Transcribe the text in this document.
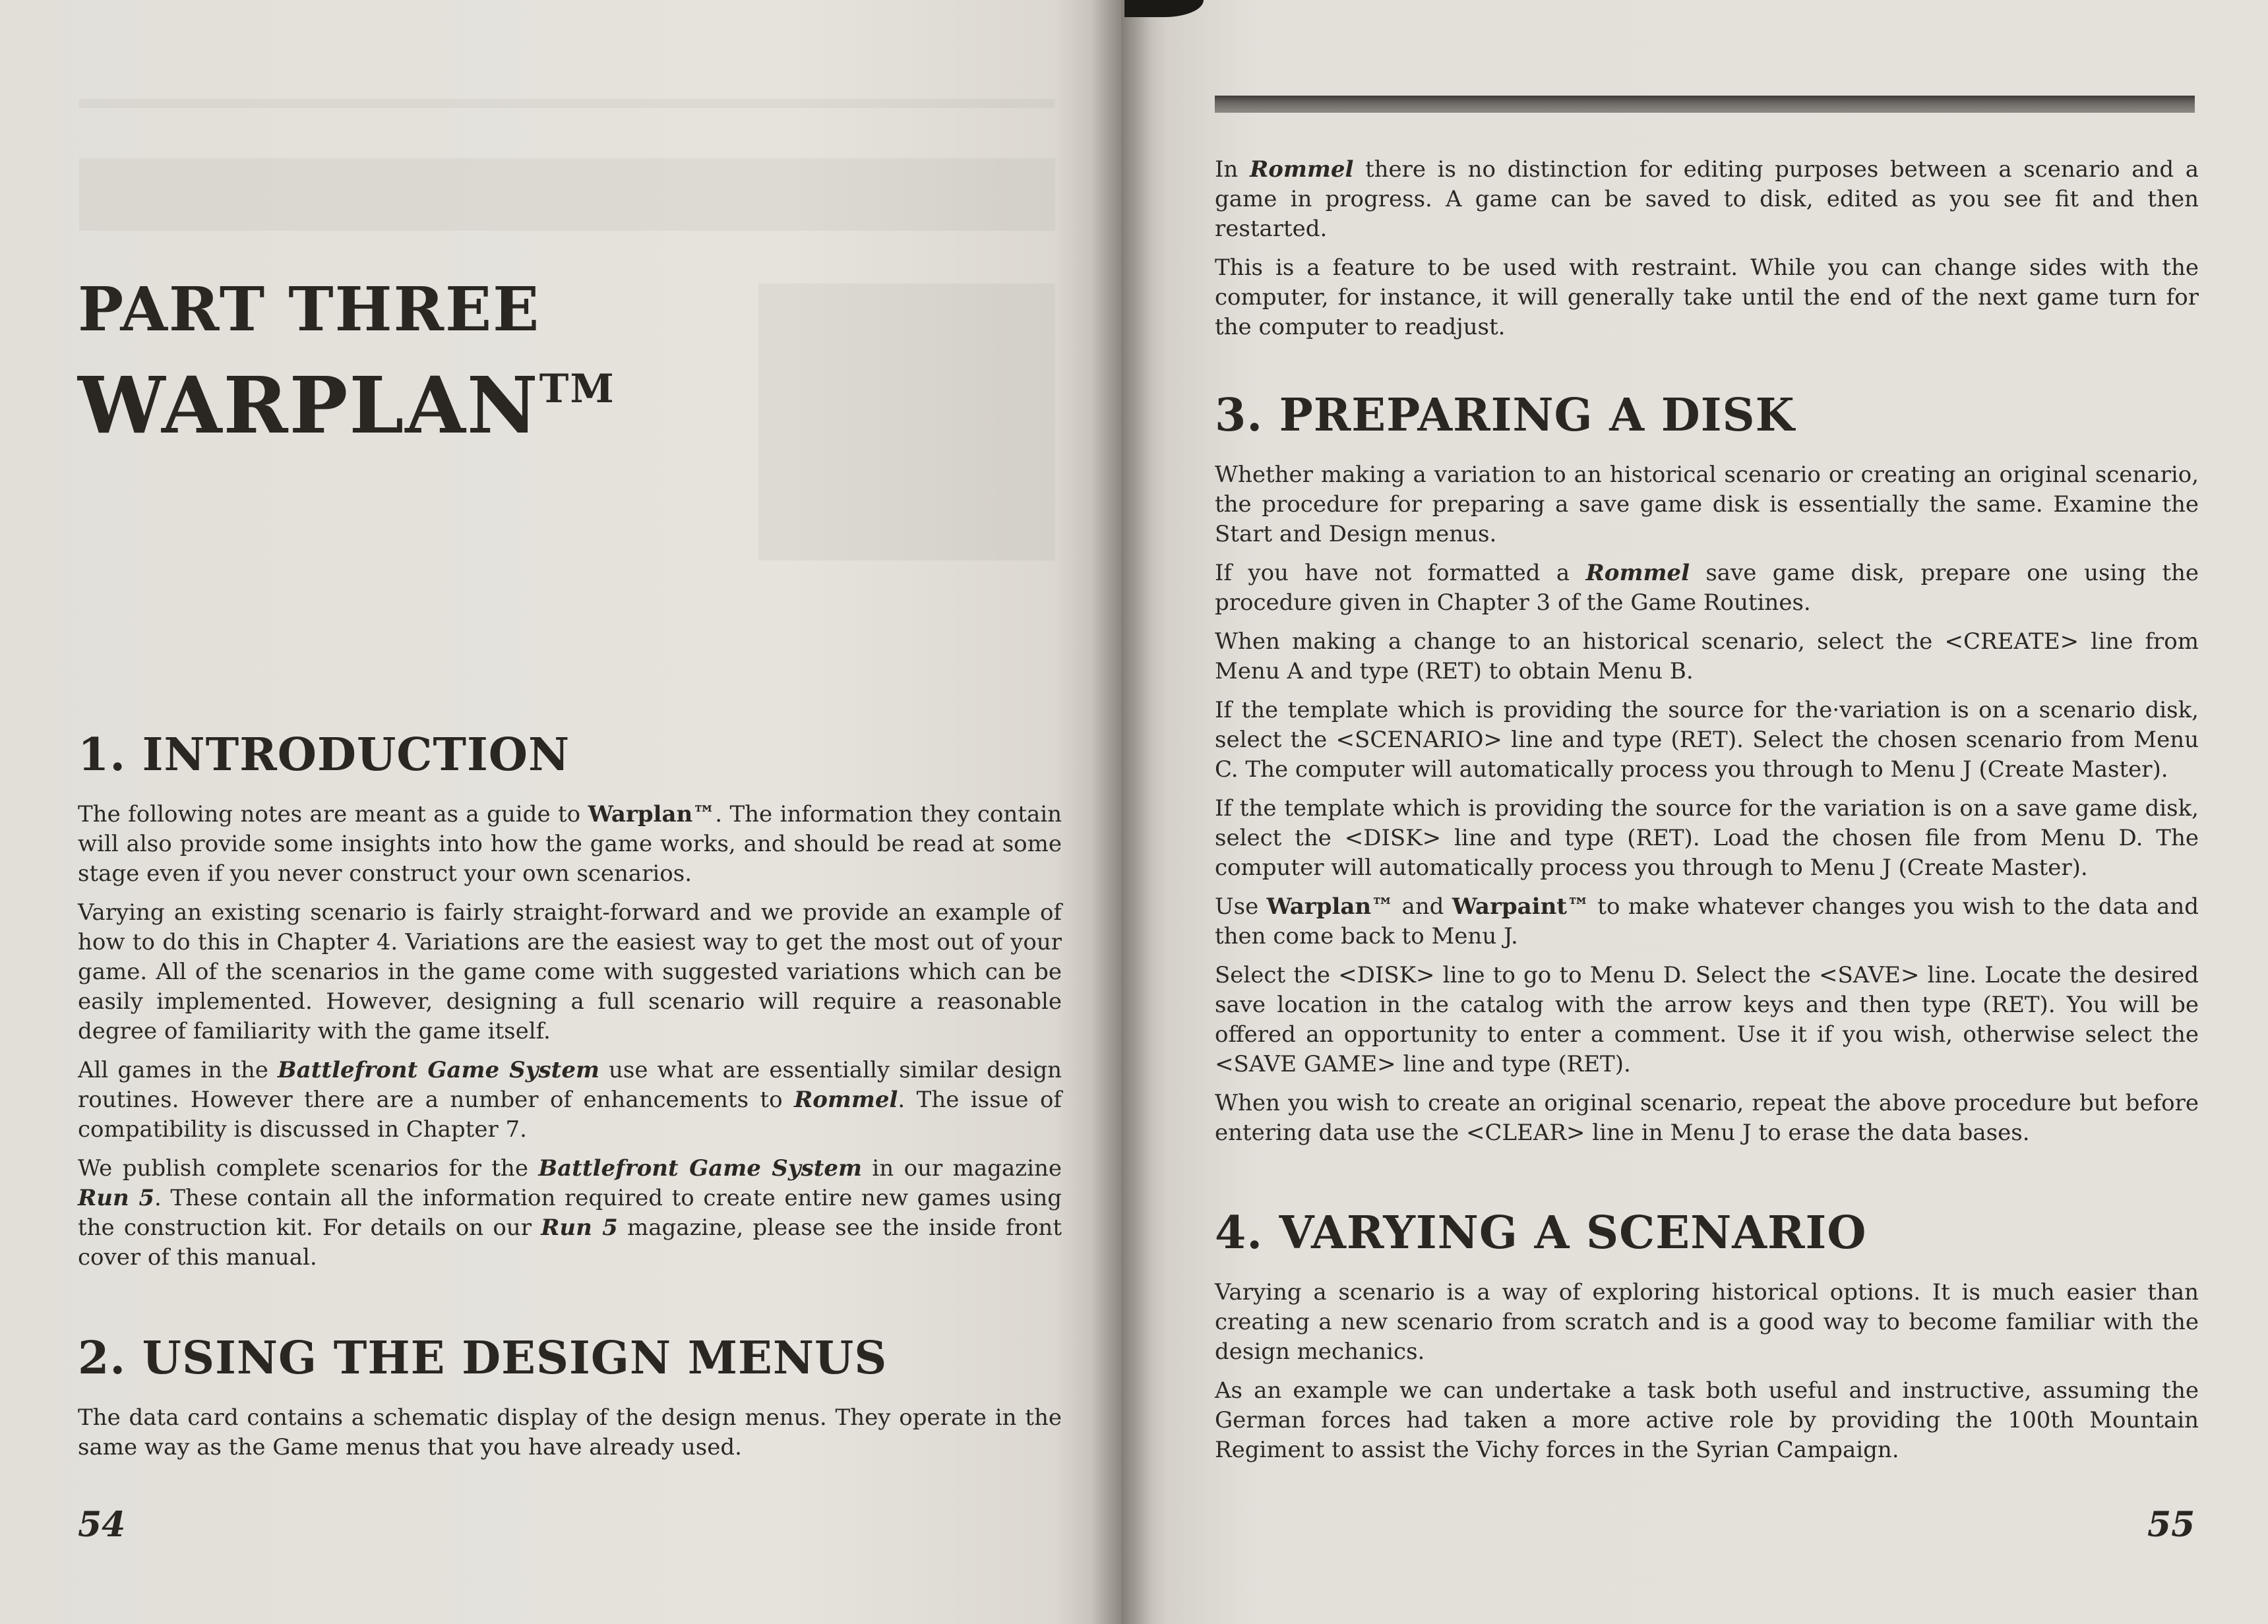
PART THREE
WARPLAN™
1. INTRODUCTION

The following notes are meant as a guide to Warplan™. The information they contain will also provide some insights into how the game works, and should be read at some stage even if you never construct your own scenarios.

Varying an existing scenario is fairly straight-forward and we provide an example of how to do this in Chapter 4. Variations are the easiest way to get the most out of your game. All of the scenarios in the game come with suggested variations which can be easily implemented. However, designing a full scenario will require a reasonable degree of familiarity with the game itself.

All games in the Battlefront Game System use what are essentially similar design routines. However there are a number of enhancements to Rommel. The issue of compatibility is discussed in Chapter 7.

We publish complete scenarios for the Battlefront Game System in our magazine Run 5. These contain all the information required to create entire new games using the construction kit. For details on our Run 5 magazine, please see the inside front cover of this manual.

2. USING THE DESIGN MENUS

The data card contains a schematic display of the design menus. They operate in the same way as the Game menus that you have already used.

54

In Rommel there is no distinction for editing purposes between a scenario and a game in progress. A game can be saved to disk, edited as you see fit and then restarted.

This is a feature to be used with restraint. While you can change sides with the computer, for instance, it will generally take until the end of the next game turn for the computer to readjust.

3. PREPARING A DISK

Whether making a variation to an historical scenario or creating an original scenario, the procedure for preparing a save game disk is essentially the same. Examine the Start and Design menus.

If you have not formatted a Rommel save game disk, prepare one using the procedure given in Chapter 3 of the Game Routines.

When making a change to an historical scenario, select the <CREATE> line from Menu A and type (RET) to obtain Menu B.

If the template which is providing the source for the·variation is on a scenario disk, select the <SCENARIO> line and type (RET). Select the chosen scenario from Menu C. The computer will automatically process you through to Menu J (Create Master).

If the template which is providing the source for the variation is on a save game disk, select the <DISK> line and type (RET). Load the chosen file from Menu D. The computer will automatically process you through to Menu J (Create Master).

Use Warplan™ and Warpaint™ to make whatever changes you wish to the data and then come back to Menu J.

Select the <DISK> line to go to Menu D. Select the <SAVE> line. Locate the desired save location in the catalog with the arrow keys and then type (RET). You will be offered an opportunity to enter a comment. Use it if you wish, otherwise select the <SAVE GAME> line and type (RET).

When you wish to create an original scenario, repeat the above procedure but before entering data use the <CLEAR> line in Menu J to erase the data bases.

4. VARYING A SCENARIO

Varying a scenario is a way of exploring historical options. It is much easier than creating a new scenario from scratch and is a good way to become familiar with the design mechanics.

As an example we can undertake a task both useful and instructive, assuming the German forces had taken a more active role by providing the 100th Mountain Regiment to assist the Vichy forces in the Syrian Campaign.

55
